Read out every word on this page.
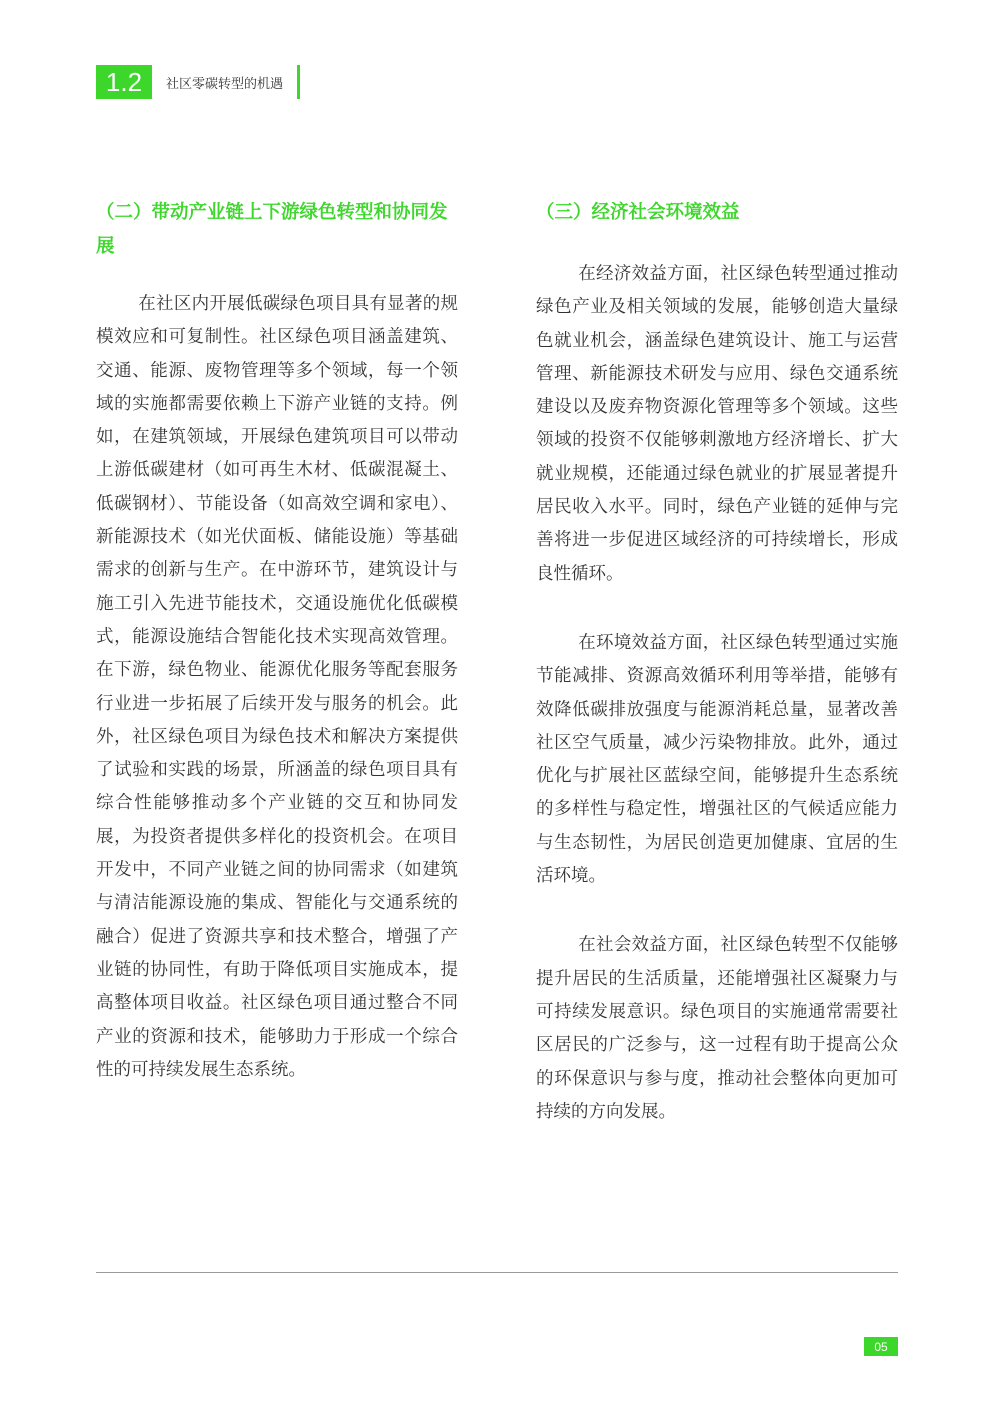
1.2	社区零碳转型的机遇
（二）带动产业链上下游绿色转型和协同发展

在社区内开展低碳绿色项目具有显著的规模效应和可复制性。社区绿色项目涵盖建筑、交通、能源、废物管理等多个领域，每一个领域的实施都需要依赖上下游产业链的支持。例如，在建筑领域，开展绿色建筑项目可以带动上游低碳建材（如可再生木材、低碳混凝土、低碳钢材）、节能设备（如高效空调和家电）、新能源技术（如光伏面板、储能设施）等基础需求的创新与生产。在中游环节，建筑设计与施工引入先进节能技术，交通设施优化低碳模式，能源设施结合智能化技术实现高效管理。在下游，绿色物业、能源优化服务等配套服务行业进一步拓展了后续开发与服务的机会。此外，社区绿色项目为绿色技术和解决方案提供了试验和实践的场景，所涵盖的绿色项目具有综合性能够推动多个产业链的交互和协同发展，为投资者提供多样化的投资机会。在项目开发中，不同产业链之间的协同需求（如建筑与清洁能源设施的集成、智能化与交通系统的融合）促进了资源共享和技术整合，增强了产业链的协同性，有助于降低项目实施成本，提高整体项目收益。社区绿色项目通过整合不同产业的资源和技术，能够助力于形成一个综合性的可持续发展生态系统。

（三）经济社会环境效益

在经济效益方面，社区绿色转型通过推动绿色产业及相关领域的发展，能够创造大量绿色就业机会，涵盖绿色建筑设计、施工与运营管理、新能源技术研发与应用、绿色交通系统建设以及废弃物资源化管理等多个领域。这些领域的投资不仅能够刺激地方经济增长、扩大就业规模，还能通过绿色就业的扩展显著提升居民收入水平。同时，绿色产业链的延伸与完善将进一步促进区域经济的可持续增长，形成良性循环。

在环境效益方面，社区绿色转型通过实施节能减排、资源高效循环利用等举措，能够有效降低碳排放强度与能源消耗总量，显著改善社区空气质量，减少污染物排放。此外，通过优化与扩展社区蓝绿空间，能够提升生态系统的多样性与稳定性，增强社区的气候适应能力与生态韧性，为居民创造更加健康、宜居的生活环境。

在社会效益方面，社区绿色转型不仅能够提升居民的生活质量，还能增强社区凝聚力与可持续发展意识。绿色项目的实施通常需要社区居民的广泛参与，这一过程有助于提高公众的环保意识与参与度，推动社会整体向更加可持续的方向发展。

05
